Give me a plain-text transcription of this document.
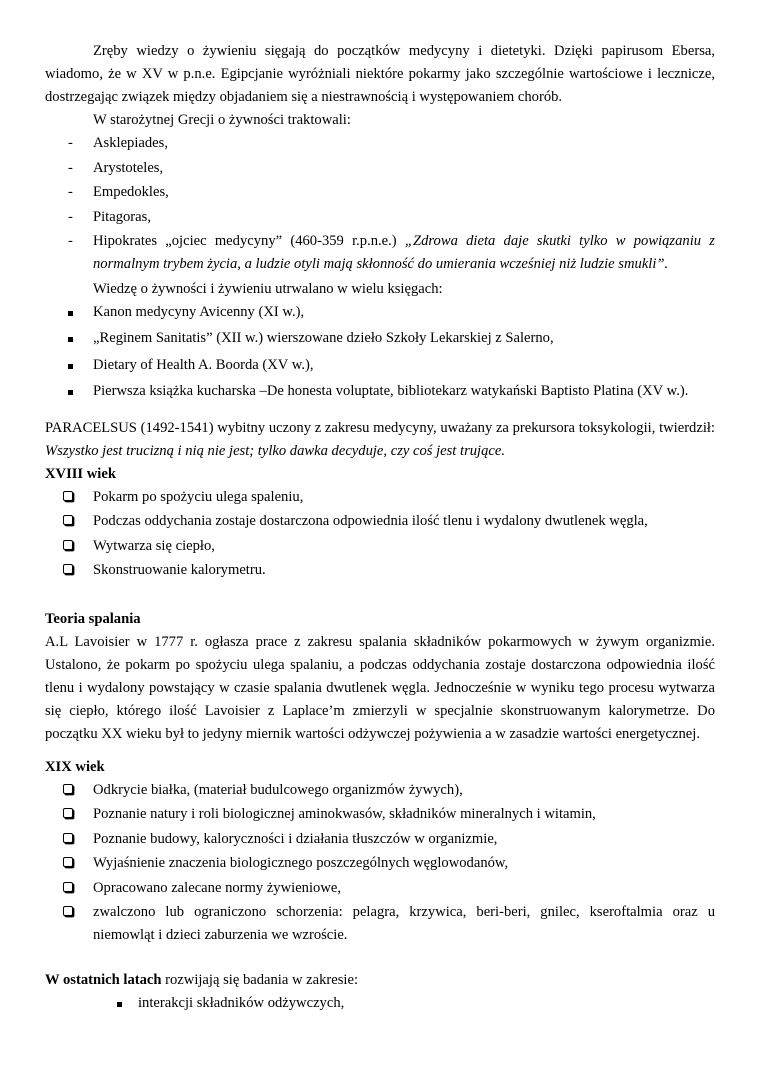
Zręby wiedzy o żywieniu sięgają do początków medycyny i dietetyki. Dzięki papirusom Ebersa, wiadomo, że w XV w p.n.e. Egipcjanie wyróżniali niektóre pokarmy jako szczególnie wartościowe i lecznicze, dostrzegając związek między objadaniem się a niestrawnością i występowaniem chorób.

W starożytnej Grecji o żywności traktowali:

-	Asklepiades,
-	Arystoteles,
-	Empedokles,
-	Pitagoras,
-	Hipokrates „ojciec medycyny” (460-359 r.p.n.e.) „Zdrowa dieta daje skutki tylko w powiązaniu z normalnym trybem życia, a ludzie otyli mają skłonność do umierania wcześniej niż ludzie smukli”.

Wiedzę o żywności i żywieniu utrwalano w wielu księgach:

Kanon medycyny Avicenny (XI w.),
„Reginem Sanitatis” (XII w.) wierszowane dzieło Szkoły Lekarskiej z Salerno,
Dietary of Health A. Boorda (XV w.),
Pierwsza książka kucharska –De honesta voluptate, bibliotekarz watykański Baptisto Platina (XV w.).

PARACELSUS (1492-1541) wybitny uczony z zakresu medycyny, uważany za prekursora toksykologii, twierdził: Wszystko jest trucizną i nią nie jest; tylko dawka decyduje, czy coś jest trujące.

XVIII wiek

Pokarm po spożyciu ulega spaleniu,
Podczas oddychania zostaje dostarczona odpowiednia ilość tlenu i wydalony dwutlenek węgla,
Wytwarza się ciepło,
Skonstruowanie kalorymetru.

Teoria spalania

A.L Lavoisier w 1777 r. ogłasza prace z zakresu spalania składników pokarmowych w żywym organizmie. Ustalono, że pokarm po spożyciu ulega spalaniu, a podczas oddychania zostaje dostarczona odpowiednia ilość tlenu i wydalony powstający w czasie spalania dwutlenek węgla. Jednocześnie w wyniku tego procesu wytwarza się ciepło, którego ilość Lavoisier z Laplace’m zmierzyli w specjalnie skonstruowanym kalorymetrze. Do początku XX wieku był to jedyny miernik wartości odżywczej pożywienia a w zasadzie wartości energetycznej.

XIX wiek

Odkrycie białka, (materiał budulcowego organizmów żywych),
Poznanie natury i roli biologicznej aminokwasów, składników mineralnych i witamin,
Poznanie budowy, kaloryczności i działania tłuszczów w organizmie,
Wyjaśnienie znaczenia biologicznego poszczególnych węglowodanów,
Opracowano zalecane normy żywieniowe,
zwalczono lub ograniczono schorzenia: pelagra, krzywica, beri-beri, gnilec, kseroftalmia oraz u niemowląt i dzieci zaburzenia we wzroście.

W ostatnich latach rozwijają się badania w zakresie:

interakcji składników odżywczych,
